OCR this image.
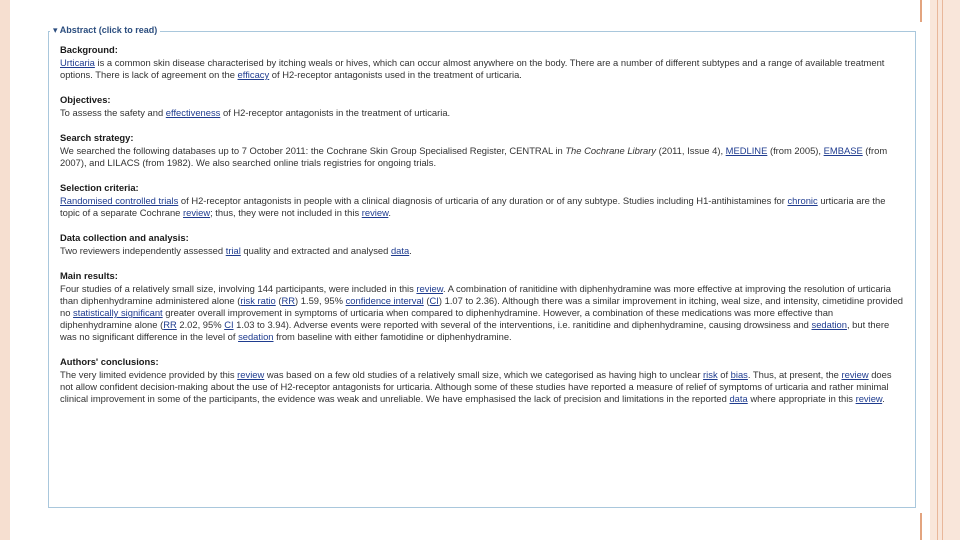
▾ Abstract (click to read)
Background:
Urticaria is a common skin disease characterised by itching weals or hives, which can occur almost anywhere on the body. There are a number of different subtypes and a range of available treatment options. There is lack of agreement on the efficacy of H2-receptor antagonists used in the treatment of urticaria.
Objectives:
To assess the safety and effectiveness of H2-receptor antagonists in the treatment of urticaria.
Search strategy:
We searched the following databases up to 7 October 2011: the Cochrane Skin Group Specialised Register, CENTRAL in The Cochrane Library (2011, Issue 4), MEDLINE (from 2005), EMBASE (from 2007), and LILACS (from 1982). We also searched online trials registries for ongoing trials.
Selection criteria:
Randomised controlled trials of H2-receptor antagonists in people with a clinical diagnosis of urticaria of any duration or of any subtype. Studies including H1-antihistamines for chronic urticaria are the topic of a separate Cochrane review; thus, they were not included in this review.
Data collection and analysis:
Two reviewers independently assessed trial quality and extracted and analysed data.
Main results:
Four studies of a relatively small size, involving 144 participants, were included in this review. A combination of ranitidine with diphenhydramine was more effective at improving the resolution of urticaria than diphenhydramine administered alone (risk ratio (RR) 1.59, 95% confidence interval (CI) 1.07 to 2.36). Although there was a similar improvement in itching, weal size, and intensity, cimetidine provided no statistically significant greater overall improvement in symptoms of urticaria when compared to diphenhydramine. However, a combination of these medications was more effective than diphenhydramine alone (RR 2.02, 95% CI 1.03 to 3.94). Adverse events were reported with several of the interventions, i.e. ranitidine and diphenhydramine, causing drowsiness and sedation, but there was no significant difference in the level of sedation from baseline with either famotidine or diphenhydramine.
Authors' conclusions:
The very limited evidence provided by this review was based on a few old studies of a relatively small size, which we categorised as having high to unclear risk of bias. Thus, at present, the review does not allow confident decision-making about the use of H2-receptor antagonists for urticaria. Although some of these studies have reported a measure of relief of symptoms of urticaria and rather minimal clinical improvement in some of the participants, the evidence was weak and unreliable. We have emphasised the lack of precision and limitations in the reported data where appropriate in this review.
